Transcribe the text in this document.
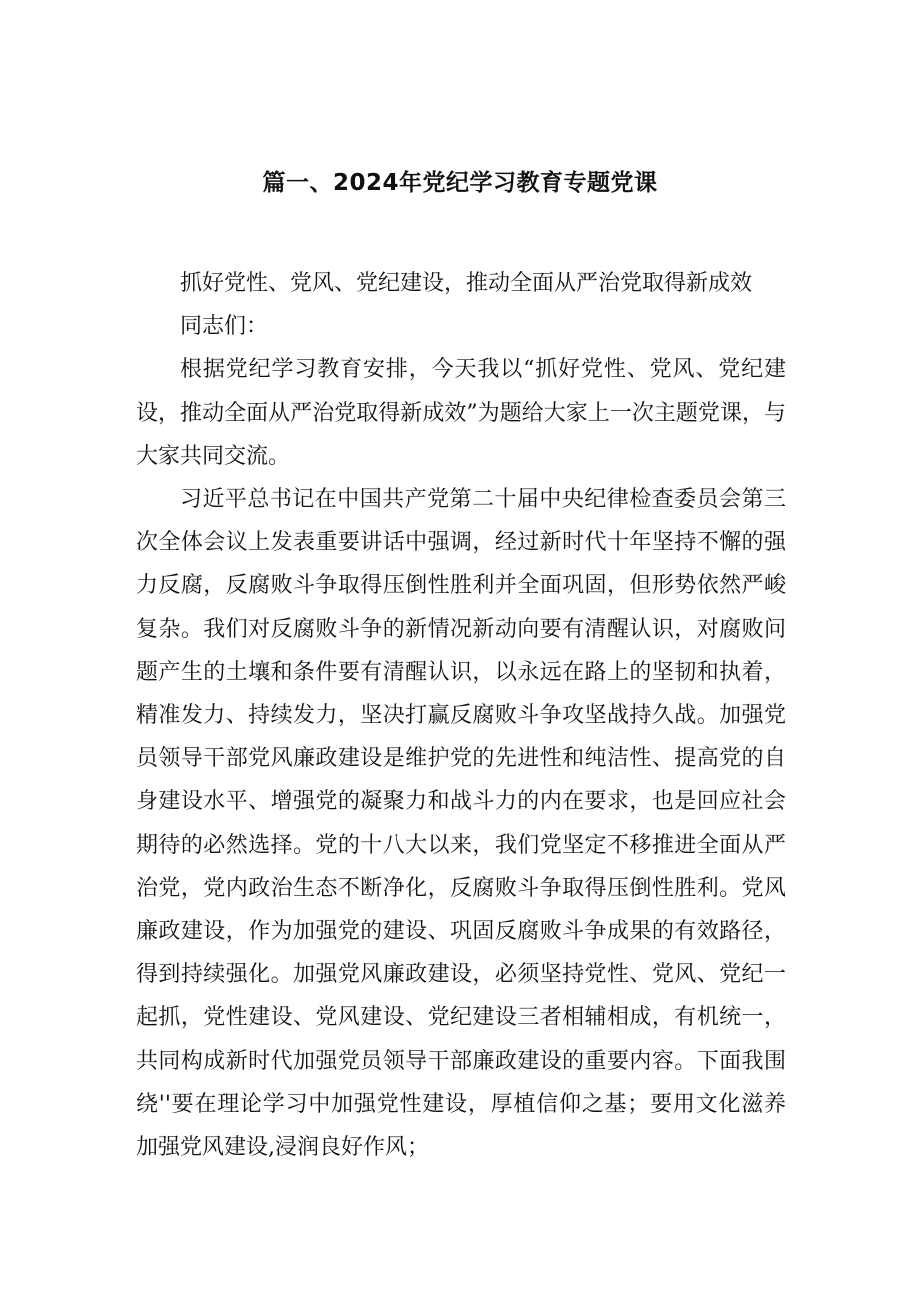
篇一、2024年党纪学习教育专题党课

抓好党性、党风、党纪建设，推动全面从严治党取得新成效

同志们：

根据党纪学习教育安排，今天我以“抓好党性、党风、党纪建设，推动全面从严治党取得新成效”为题给大家上一次主题党课，与大家共同交流。

习近平总书记在中国共产党第二十届中央纪律检查委员会第三次全体会议上发表重要讲话中强调，经过新时代十年坚持不懈的强力反腐，反腐败斗争取得压倒性胜利并全面巩固，但形势依然严峻复杂。我们对反腐败斗争的新情况新动向要有清醒认识，对腐败问题产生的土壤和条件要有清醒认识，以永远在路上的坚韧和执着，精准发力、持续发力，坚决打赢反腐败斗争攻坚战持久战。加强党员领导干部党风廉政建设是维护党的先进性和纯洁性、提高党的自身建设水平、增强党的凝聚力和战斗力的内在要求，也是回应社会期待的必然选择。党的十八大以来，我们党坚定不移推进全面从严治党，党内政治生态不断净化，反腐败斗争取得压倒性胜利。党风廉政建设，作为加强党的建设、巩固反腐败斗争成果的有效路径，得到持续强化。加强党风廉政建设，必须坚持党性、党风、党纪一起抓，党性建设、党风建设、党纪建设三者相辅相成，有机统一，共同构成新时代加强党员领导干部廉政建设的重要内容。下面我围绕''要在理论学习中加强党性建设，厚植信仰之基；要用文化滋养加强党风建设,浸润良好作风；
